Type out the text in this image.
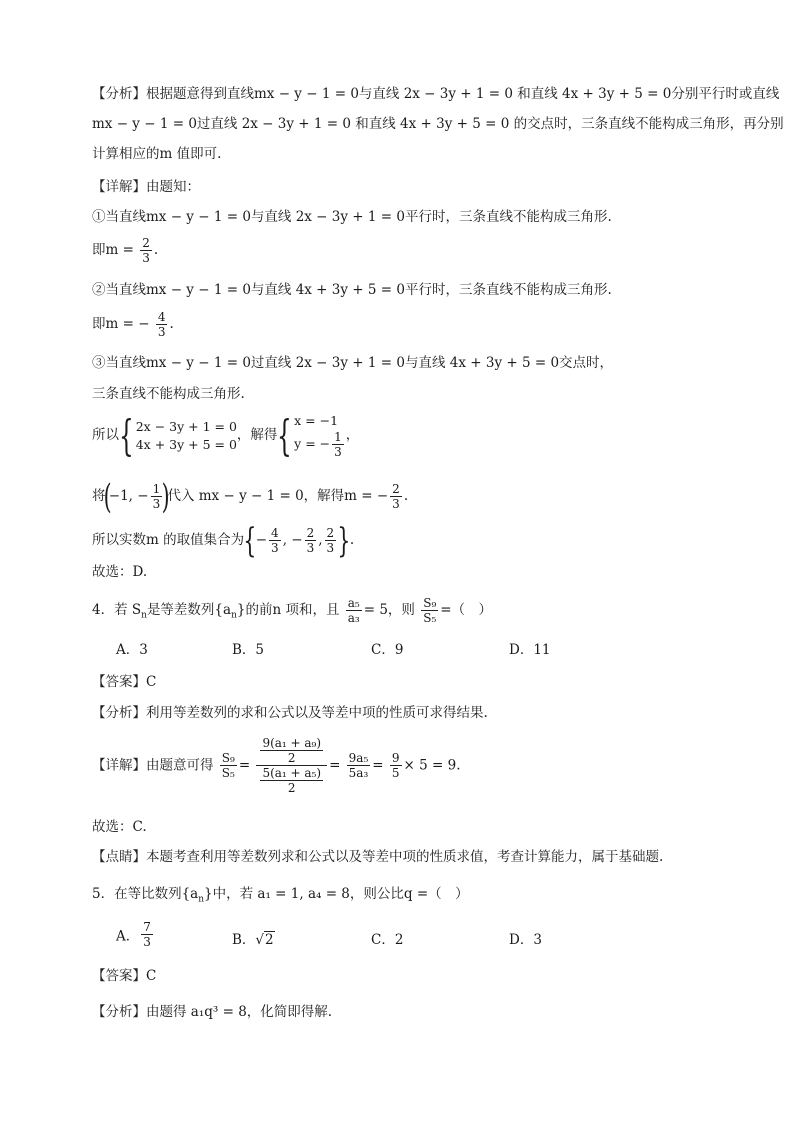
【分析】根据题意得到直线mx − y − 1 = 0与直线 2x − 3y + 1 = 0 和直线 4x + 3y + 5 = 0分别平行时或直线
mx − y − 1 = 0过直线 2x − 3y + 1 = 0 和直线 4x + 3y + 5 = 0 的交点时，三条直线不能构成三角形，再分别
计算相应的m 值即可.
【详解】由题知：
①当直线mx − y − 1 = 0与直线 2x − 3y + 1 = 0平行时，三条直线不能构成三角形.
即$m = \frac{2}{3}$ .
②当直线mx − y − 1 = 0与直线 4x + 3y + 5 = 0平行时，三条直线不能构成三角形.
即m = − $\frac{4}{3}$ .
③当直线mx − y − 1 = 0过直线 2x − 3y + 1 = 0与直线 4x + 3y + 5 = 0交点时，
三条直线不能构成三角形.
所以{ 2x − 3y + 1 = 0
4x + 3y + 5 = 0
，解得{ x = −1
y = − $\frac{1}{3}$ ，
将(−1, − $\frac{1}{3}$ )代入 mx − y − 1 = 0，解得m = − $\frac{2}{3}$ .
所以实数m 的取值集合为{− $\frac{4}{3}$ , − $\frac{2}{3}$ , $\frac{2}{3}$ }.
故选：D.
4．若 $S_n$是等差数列$\{a_n\}$的前n 项和，且 $\frac{\text{a₅}}{\text{a₃}} = 5$，则 $\frac{\text{S₉}}{\text{S₅}}$ =（　）
A．3	B．5	C．9	D．11
【答案】C
【分析】利用等差数列的求和公式以及等差中项的性质可求得结果.
【详解】由题意可得 $\frac{\text{S₉}}{\text{S₅}} = \frac{\frac{\text{9(a₁ + a₉)}}{2}}{\frac{\text{5(a₁ + a₅)}}{2}} = \frac{\text{9a₅}}{\text{5a₃}} = \frac{9}{5} \times 5 = 9$.
故选：C.
【点睛】本题考查利用等差数列求和公式以及等差中项的性质求值，考查计算能力，属于基础题.
5．在等比数列$\{a_n\}$中，若 a₁ = 1, a₄ = 8，则公比q =（　）
A． $\frac{7}{3}$	B．√2	C．2	D．3
【答案】C
【分析】由题得 a₁q³ = 8，化简即得解.
